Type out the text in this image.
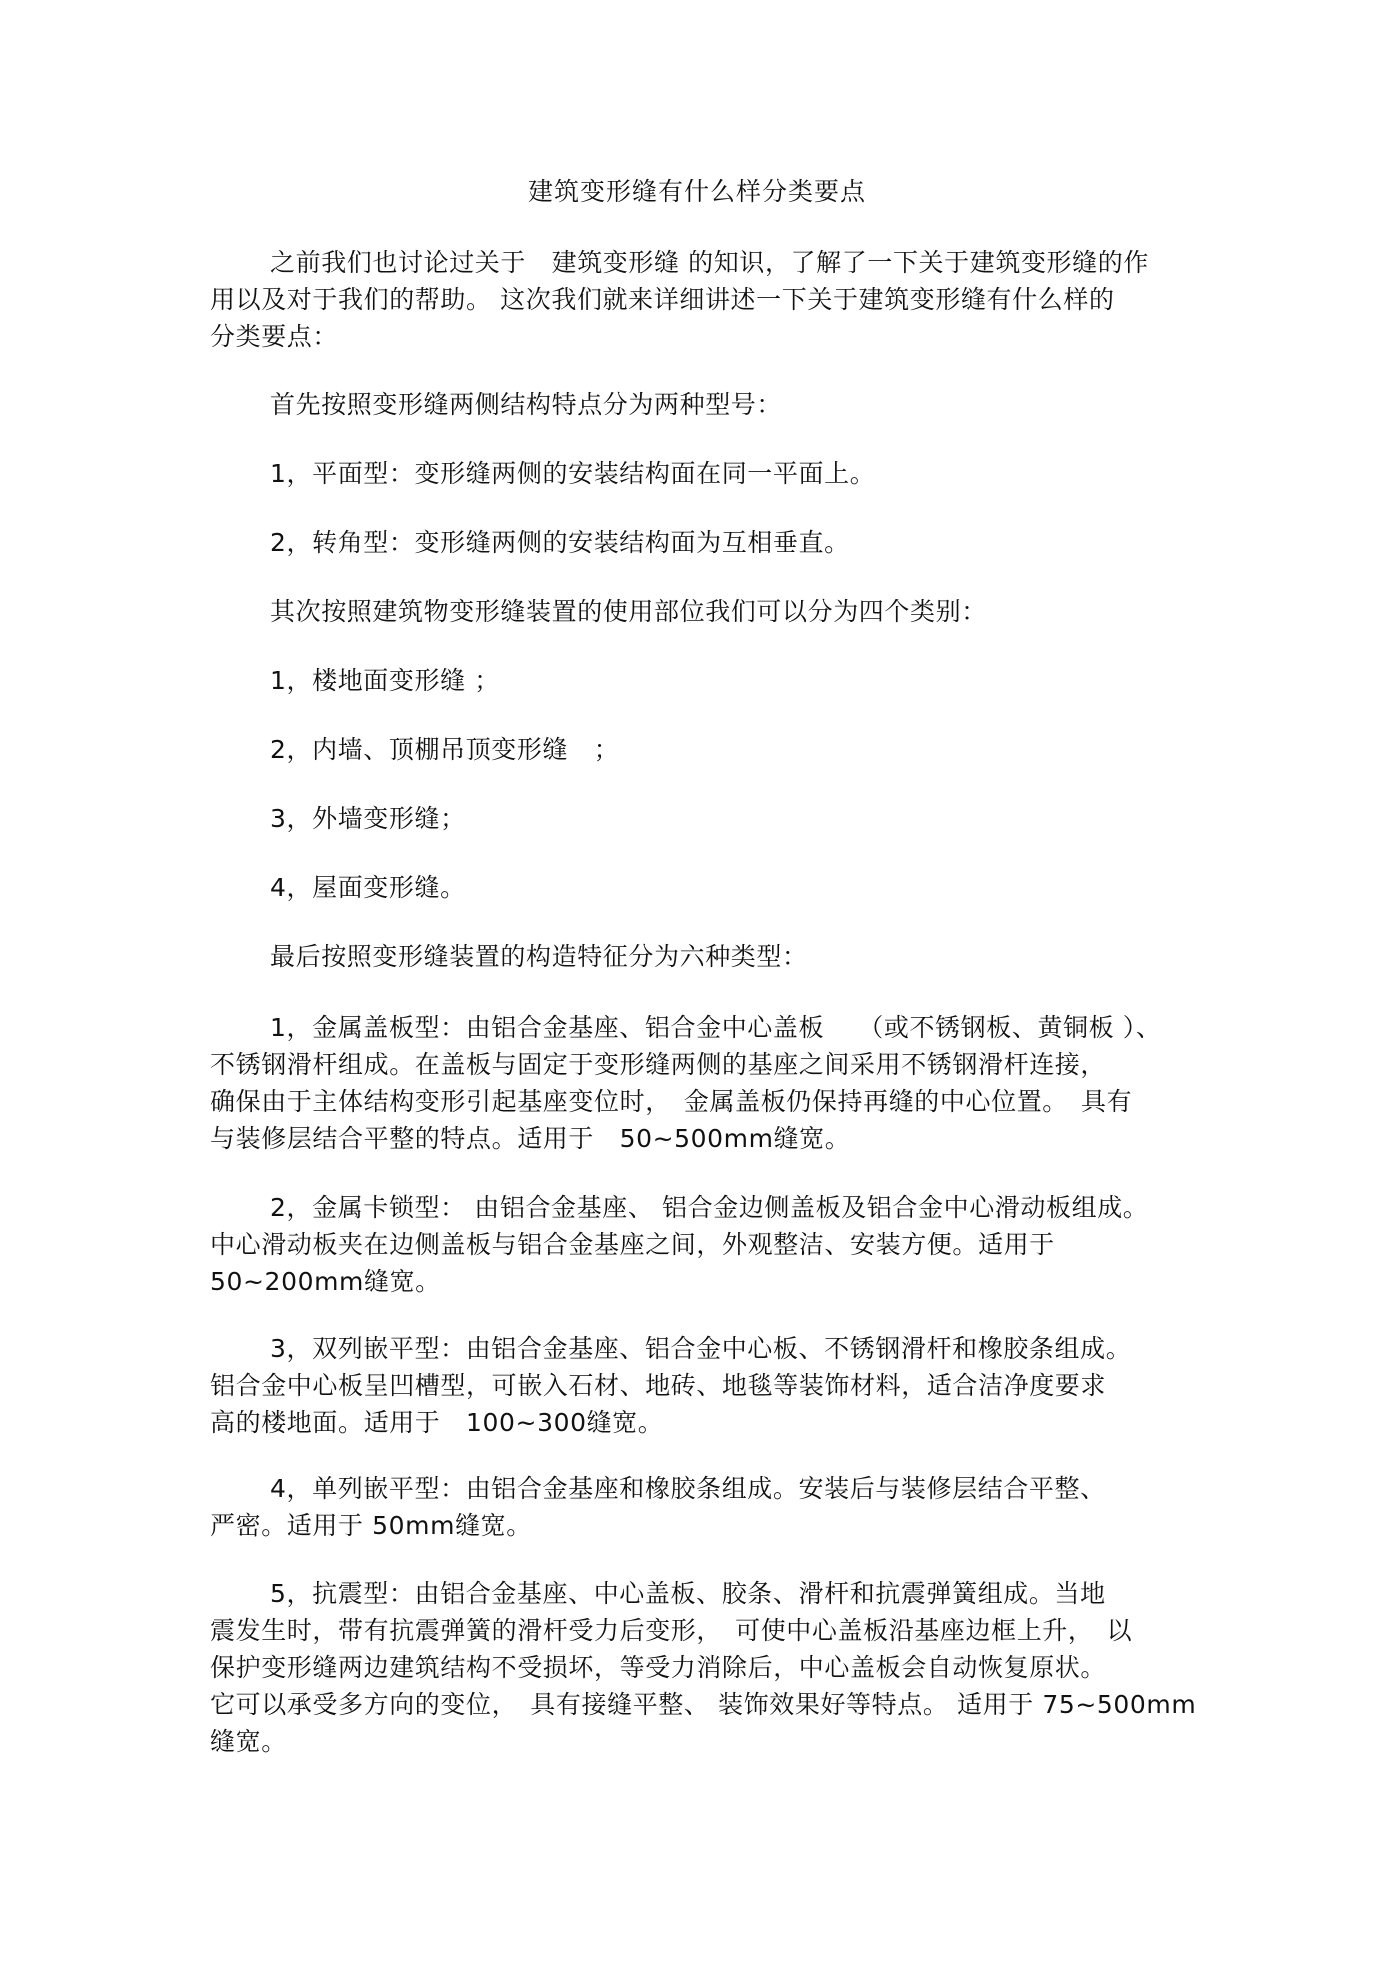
建筑变形缝有什么样分类要点
之前我们也讨论过关于　建筑变形缝 的知识，了解了一下关于建筑变形缝的作
用以及对于我们的帮助。 这次我们就来详细讲述一下关于建筑变形缝有什么样的
分类要点：
首先按照变形缝两侧结构特点分为两种型号：
1，平面型：变形缝两侧的安装结构面在同一平面上。
2，转角型：变形缝两侧的安装结构面为互相垂直。
其次按照建筑物变形缝装置的使用部位我们可以分为四个类别：
1，楼地面变形缝 ；
2，内墙、顶棚吊顶变形缝　；
3，外墙变形缝；
4，屋面变形缝。
最后按照变形缝装置的构造特征分为六种类型：
1，金属盖板型：由铝合金基座、铝合金中心盖板　 （或不锈钢板、黄铜板 ）、
不锈钢滑杆组成。在盖板与固定于变形缝两侧的基座之间采用不锈钢滑杆连接，
确保由于主体结构变形引起基座变位时，　金属盖板仍保持再缝的中心位置。　具有
与装修层结合平整的特点。适用于　50~500mm缝宽。
2，金属卡锁型： 由铝合金基座、 铝合金边侧盖板及铝合金中心滑动板组成。
中心滑动板夹在边侧盖板与铝合金基座之间，外观整洁、安装方便。适用于
50~200mm缝宽。
3，双列嵌平型：由铝合金基座、铝合金中心板、不锈钢滑杆和橡胶条组成。
铝合金中心板呈凹槽型，可嵌入石材、地砖、地毯等装饰材料，适合洁净度要求
高的楼地面。适用于　100~300缝宽。
4，单列嵌平型：由铝合金基座和橡胶条组成。安装后与装修层结合平整、
严密。适用于 50mm缝宽。
5，抗震型：由铝合金基座、中心盖板、胶条、滑杆和抗震弹簧组成。当地
震发生时，带有抗震弹簧的滑杆受力后变形，　可使中心盖板沿基座边框上升，　以
保护变形缝两边建筑结构不受损坏，等受力消除后，中心盖板会自动恢复原状。
它可以承受多方向的变位，　具有接缝平整、 装饰效果好等特点。 适用于 75~500mm
缝宽。
